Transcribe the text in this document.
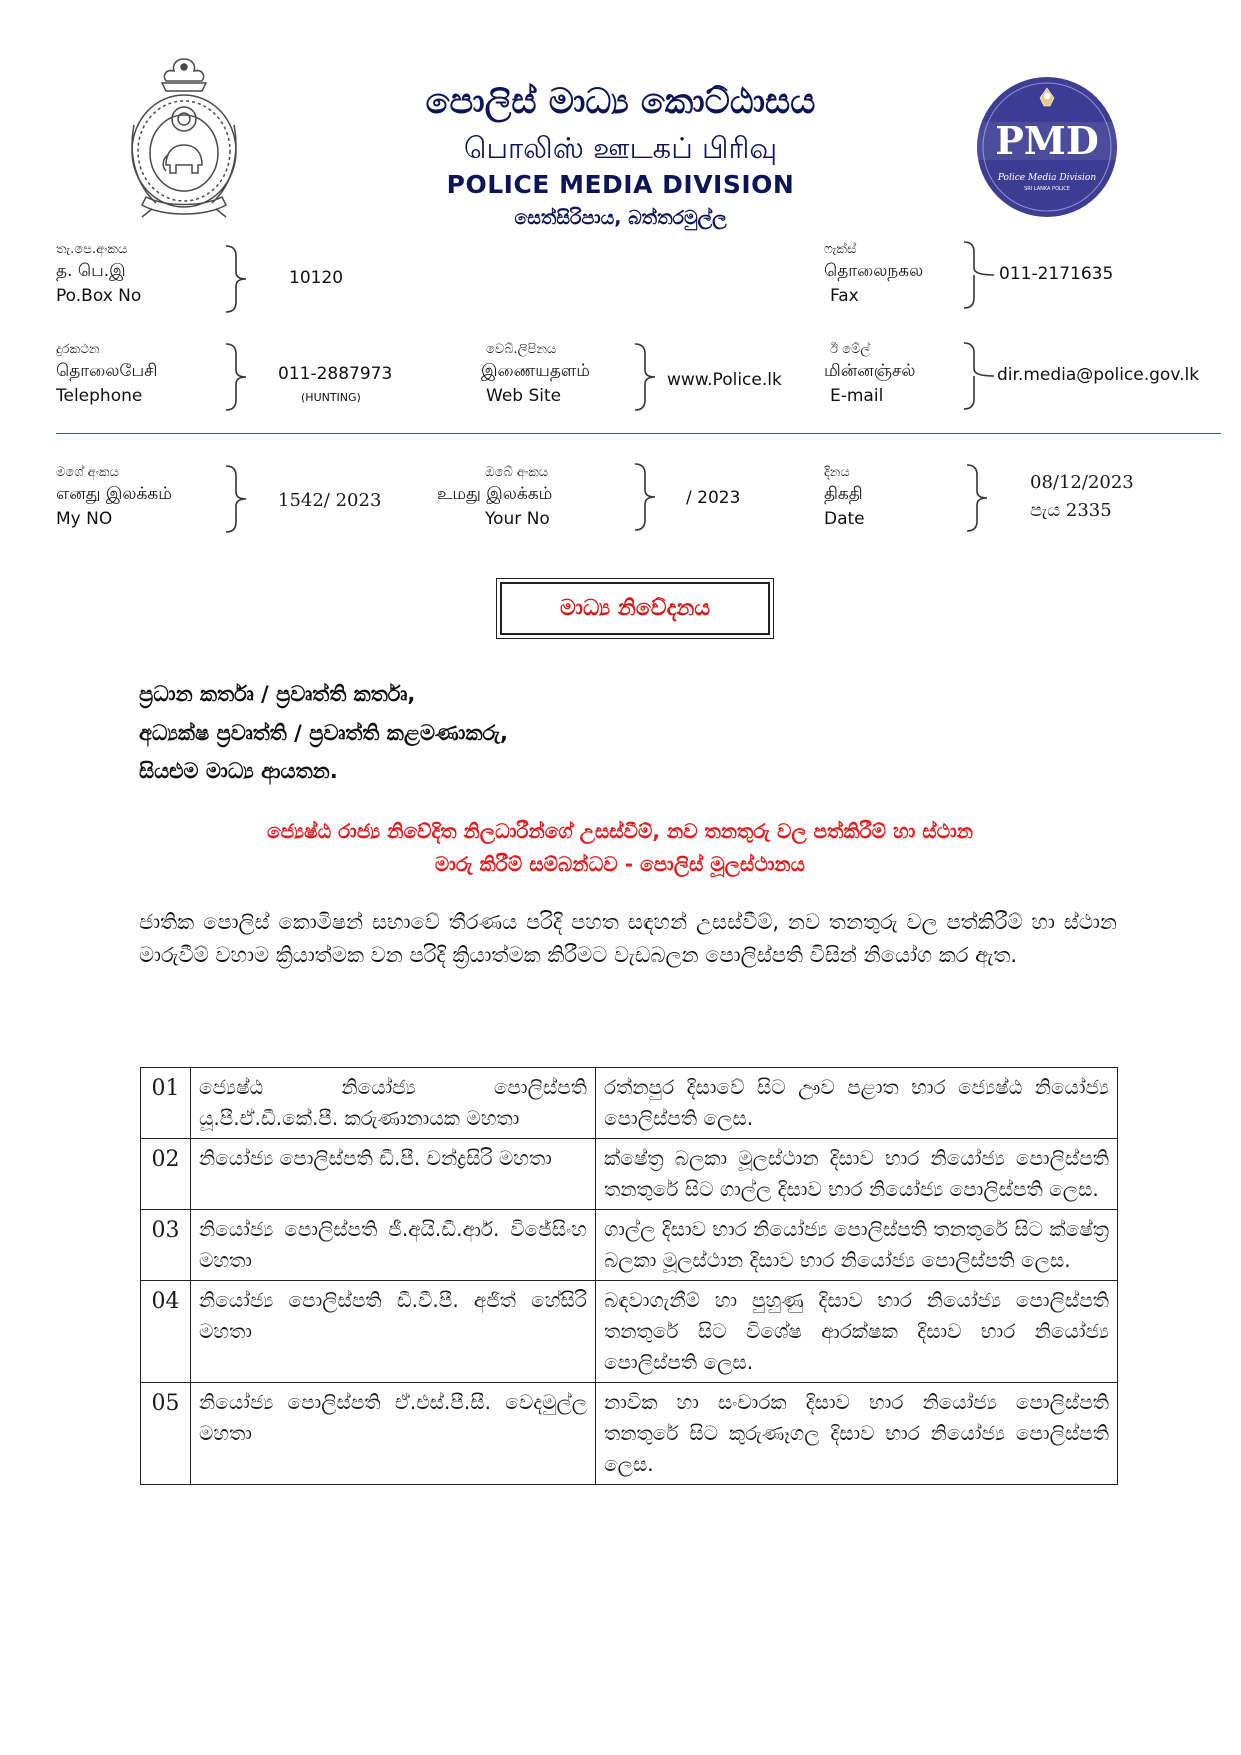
පොලිස් මාධ්‍ය කොට්ඨාසය
பொலிஸ் ஊடகப் பிரிவு
POLICE MEDIA DIVISION
සෙත්සිරිපාය, බත්තරමුල්ල
PMD
Police Media Division
SRI LANKA POLICE
තැ.පෙ.අංකය
த. பெ.இ
Po.Box No
10120
ෆැක්ස්
தொலைநகல
Fax
011-2171635
දුරකථන
தொலைபேசி
Telephone
011-2887973
(HUNTING)
වෙබ්.ලිපිනය
இணையதளம்
Web Site
www.Police.lk
ඊ මේල්
மின்னஞ்சல்
E-mail
dir.media@police.gov.lk
මගේ අංකය
எனது இலக்கம்
My NO
1542/ 2023
ඔබේ අංකය
உமது இலக்கம்
Your No
/ 2023
දිනය
திகதி
Date
08/12/2023
පැය 2335
මාධ්‍ය නිවේදනය
ප්‍රධාන කර්තෘ / ප්‍රවෘත්ති කර්තෘ,
අධ්‍යක්ෂ ප්‍රවෘත්ති / ප්‍රවෘත්ති කළමණාකරු,
සියළුම මාධ්‍ය ආයතන.
ජ්‍යෙෂ්ඨ රාජ්‍ය නිවේදිත නිලධාරීන්ගේ උසස්වීම්, නව තනතුරු වල පත්කිරීම් හා ස්ථාන
මාරු කිරීම් සම්බන්ධව - පොලිස් මූලස්ථානය
ජාතික පොලිස් කොමිෂන් සභාවේ තීරණය පරිදි පහත සඳහන් උසස්වීම්, නව තනතුරු වල පත්කිරීම් හා ස්ථාන මාරුවීම් වහාම ක්‍රියාත්මක වන පරිදි ක්‍රියාත්මක කිරීමට වැඩබලන පොලිස්පති විසින් නියෝග කර ඇත.
01	ජ්‍යෙෂ්ඨ නියෝජ්‍ය පොලිස්පති යූ.පී.ඒ.ඩී.කේ.පී. කරුණානායක මහතා	රත්නපුර දිසාවේ සිට ඌව පළාත භාර ජ්‍යෙෂ්ඨ නියෝජ්‍ය පොලිස්පති ලෙස.
02	නියෝජ්‍ය පොලිස්පති ඩී.පී. චන්ද්‍රසිරි මහතා	ක්ෂේත්‍ර බලකා මූලස්ථාන දිසාව භාර නියෝජ්‍ය පොලිස්පති තනතුරේ සිට ගාල්ල දිසාව භාර නියෝජ්‍ය පොලිස්පති ලෙස.
03	නියෝජ්‍ය පොලිස්පති ජී.අයි.ඩී.ආර්. විජේසිංහ මහතා	ගාල්ල දිසාව භාර නියෝජ්‍ය පොලිස්පති තනතුරේ සිට ක්ෂේත්‍ර බලකා මූලස්ථාන දිසාව භාර නියෝජ්‍ය පොලිස්පති ලෙස.
04	නියෝජ්‍ය පොලිස්පති ඩී.වී.පී. අජිත් හේසිරි මහතා	බඳවාගැනීම් හා පුහුණු දිසාව භාර නියෝජ්‍ය පොලිස්පති තනතුරේ සිට විශේෂ ආරක්ෂක දිසාව භාර නියෝජ්‍ය පොලිස්පති ලෙස.
05	නියෝජ්‍ය පොලිස්පති ඒ.එස්.පී.සී. වෙදමුල්ල මහතා	නාවික හා සංචාරක දිසාව භාර නියෝජ්‍ය පොලිස්පති තනතුරේ සිට කුරුණෑගල දිසාව භාර නියෝජ්‍ය පොලිස්පති ලෙස.
